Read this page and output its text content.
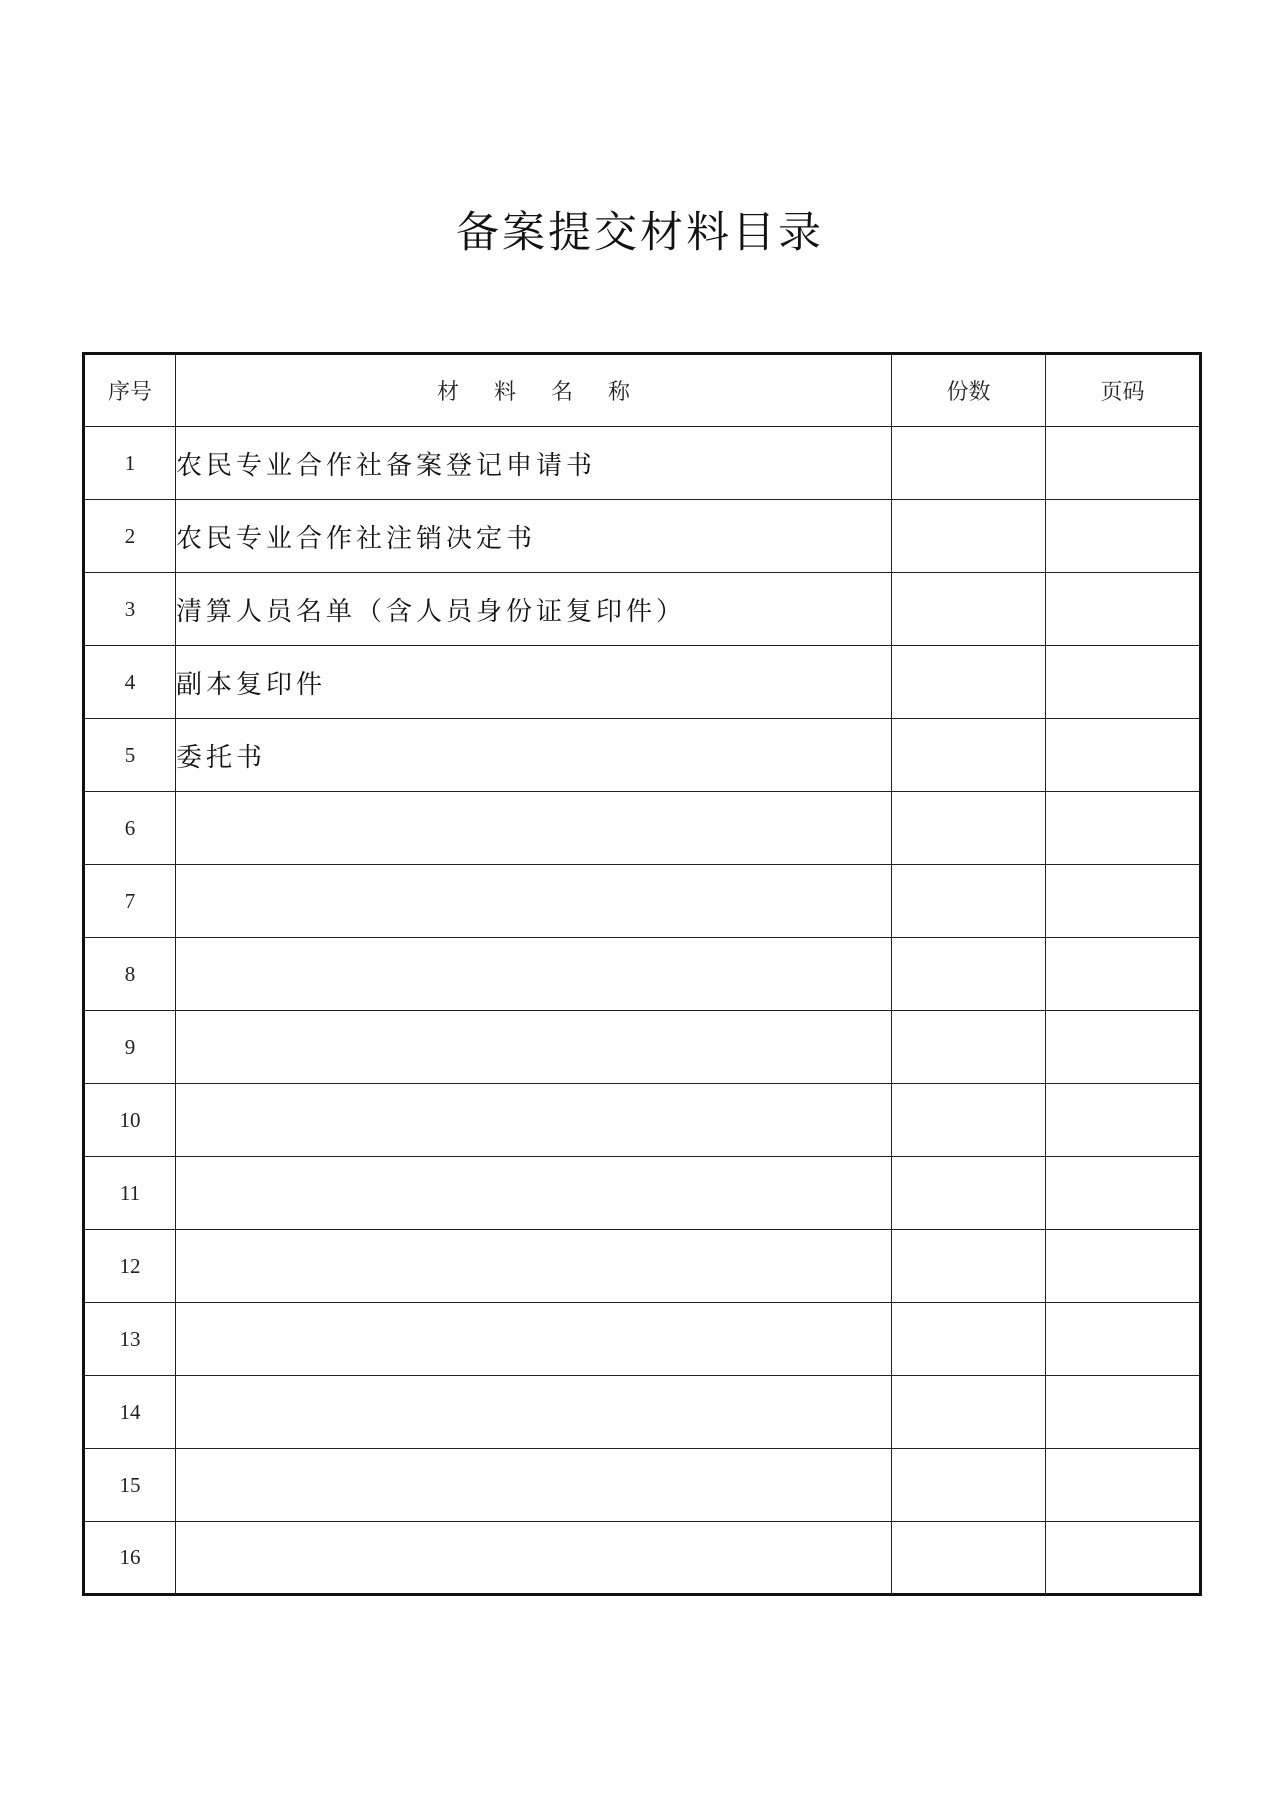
备案提交材料目录
序号	材 料 名 称	份数	页码
1	农民专业合作社备案登记申请书		
2	农民专业合作社注销决定书		
3	清算人员名单（含人员身份证复印件）		
4	副本复印件		
5	委托书		
6			
7			
8			
9			
10			
11			
12			
13			
14			
15			
16			
